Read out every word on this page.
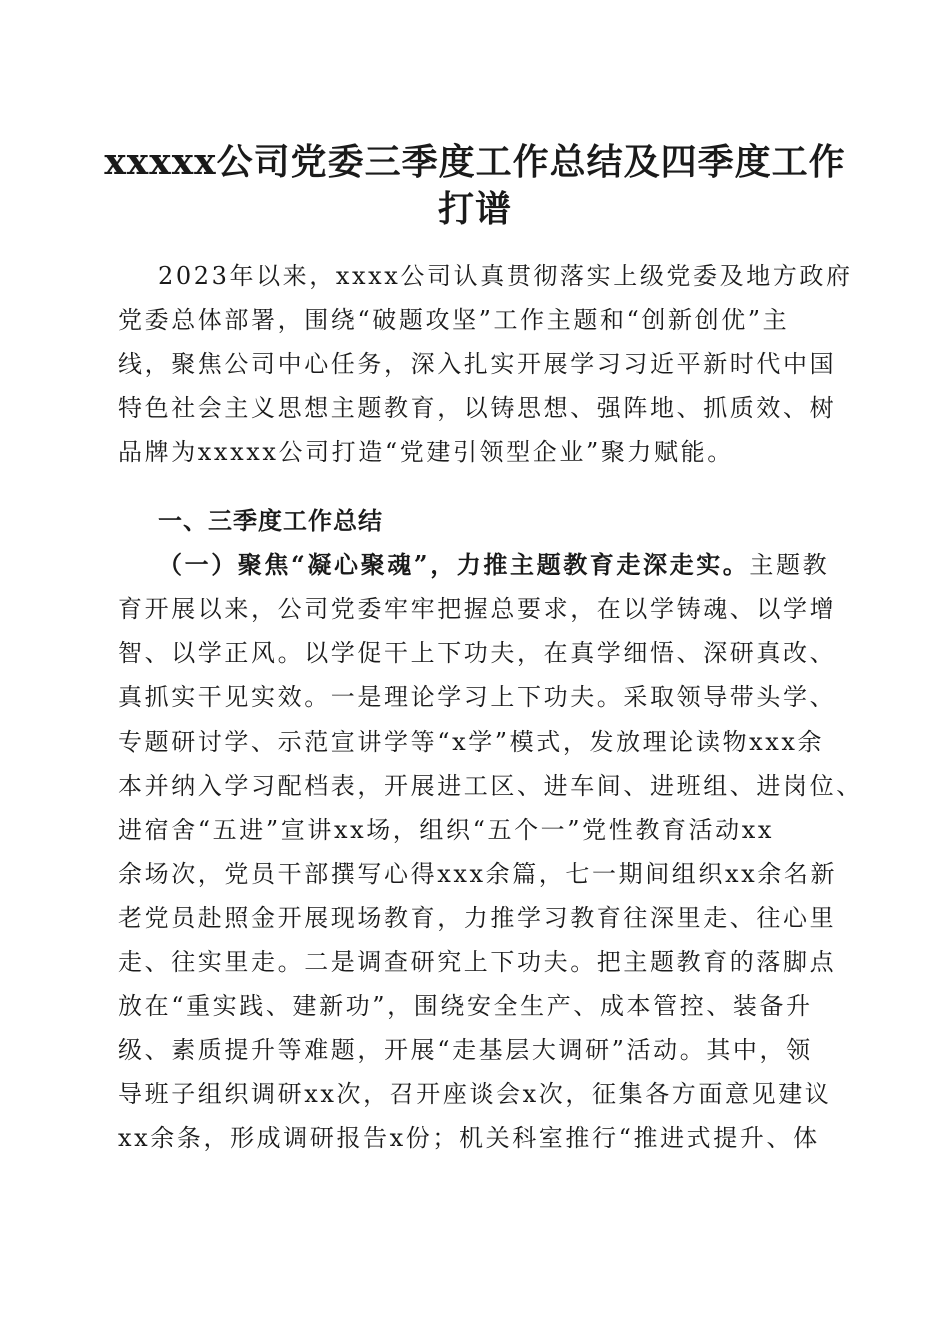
xxxxx公司党委三季度工作总结及四季度工作
打谱
2023年以来，xxxx公司认真贯彻落实上级党委及地方政府
党委总体部署，围绕“破题攻坚”工作主题和“创新创优”主
线，聚焦公司中心任务，深入扎实开展学习习近平新时代中国
特色社会主义思想主题教育，以铸思想、强阵地、抓质效、树
品牌为xxxxx公司打造“党建引领型企业”聚力赋能。
一、三季度工作总结
（一）聚焦“凝心聚魂”，力推主题教育走深走实。主题教
育开展以来，公司党委牢牢把握总要求，在以学铸魂、以学增
智、以学正风。以学促干上下功夫，在真学细悟、深研真改、
真抓实干见实效。一是理论学习上下功夫。采取领导带头学、
专题研讨学、示范宣讲学等“x学”模式，发放理论读物xxx余
本并纳入学习配档表，开展进工区、进车间、进班组、进岗位、
进宿舍“五进”宣讲xx场，组织“五个一”党性教育活动xx
余场次，党员干部撰写心得xxx余篇，七一期间组织xx余名新
老党员赴照金开展现场教育，力推学习教育往深里走、往心里
走、往实里走。二是调查研究上下功夫。把主题教育的落脚点
放在“重实践、建新功”，围绕安全生产、成本管控、装备升
级、素质提升等难题，开展“走基层大调研”活动。其中，领
导班子组织调研xx次，召开座谈会x次，征集各方面意见建议
xx余条，形成调研报告x份；机关科室推行“推进式提升、体
